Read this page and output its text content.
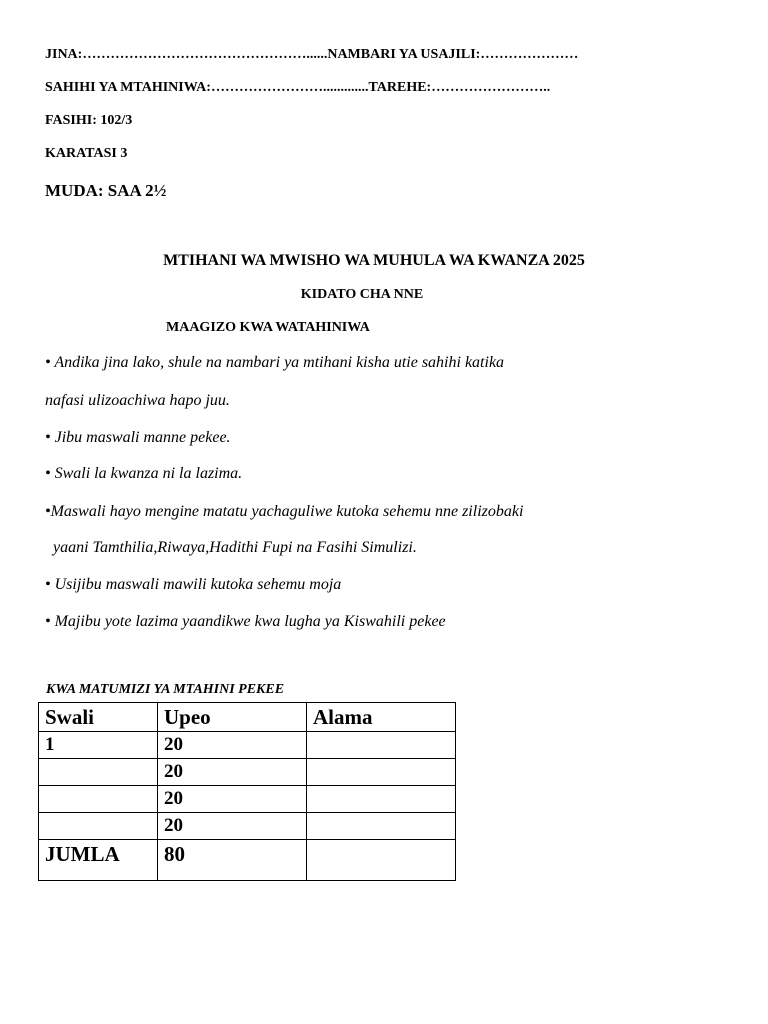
JINA:…………………………………………......NAMBARI YA USAJILI:…………………
SAHIHI YA MTAHINIWA:…………………….............TAREHE:……………………..
FASIHI: 102/3
KARATASI 3
MUDA: SAA 2½
MTIHANI WA MWISHO WA MUHULA WA KWANZA 2025
KIDATO CHA NNE
MAAGIZO KWA WATAHINIWA
• Andika jina lako, shule na nambari ya mtihani kisha utie sahihi katika
nafasi ulizoachiwa hapo juu.
• Jibu maswali manne pekee.
• Swali la kwanza ni la lazima.
•Maswali hayo mengine matatu yachaguliwe kutoka sehemu nne zilizobaki
yaani Tamthilia,Riwaya,Hadithi Fupi na Fasihi Simulizi.
• Usijibu maswali mawili kutoka sehemu moja
• Majibu yote lazima yaandikwe kwa lugha ya Kiswahili pekee
KWA MATUMIZI YA MTAHINI PEKEE
Swali	Upeo	Alama
1	20	
	20	
	20	
	20	
JUMLA	80	
